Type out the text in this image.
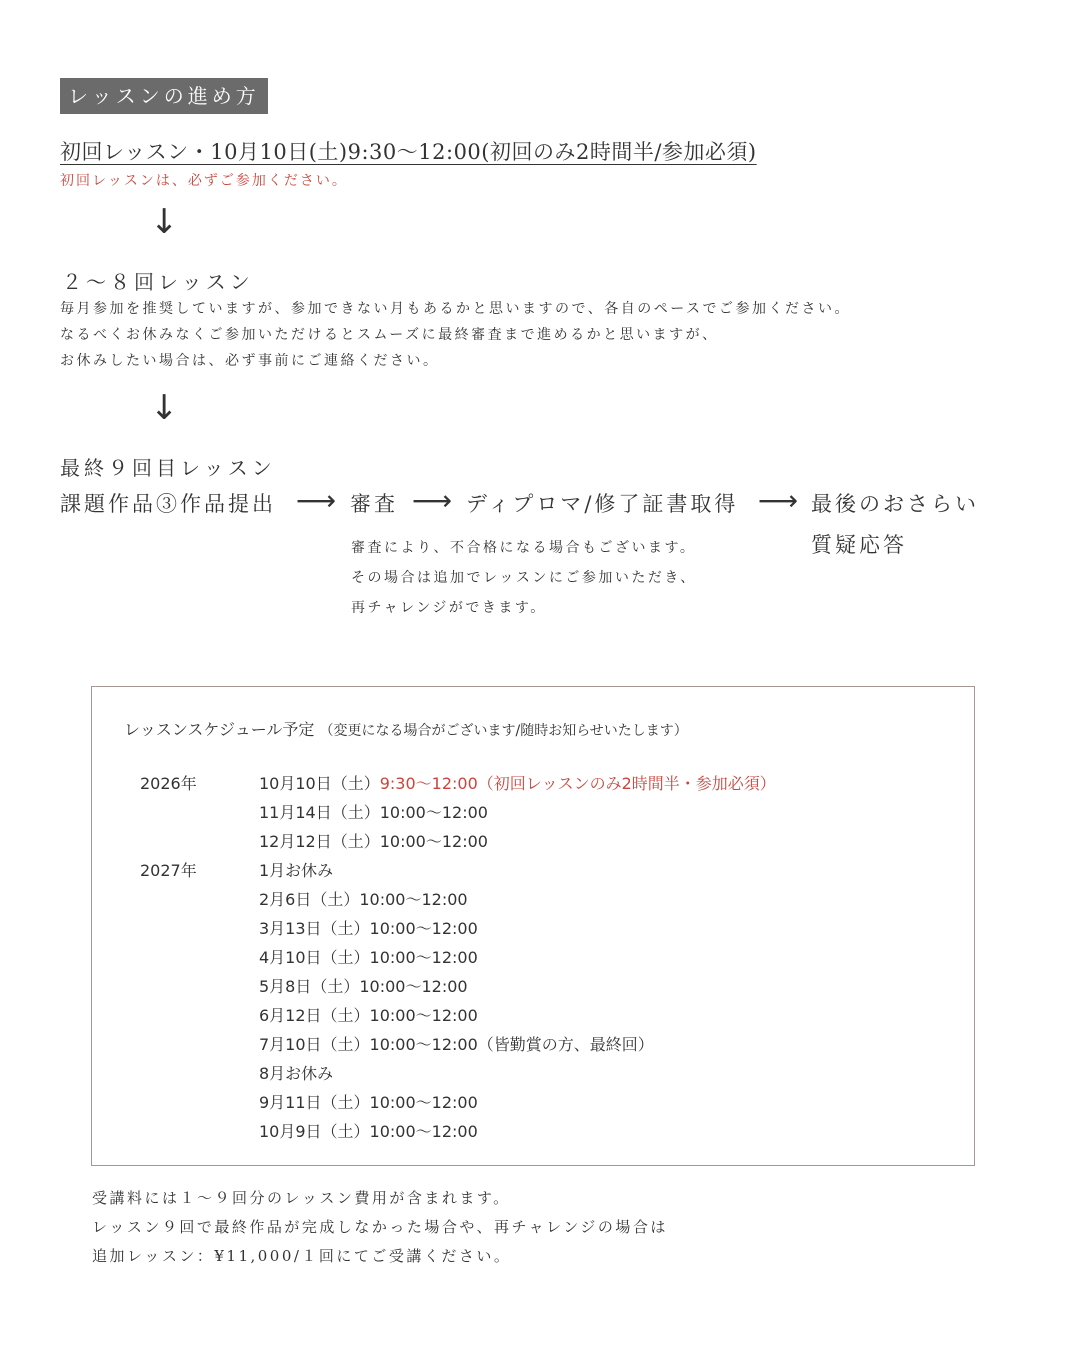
レッスンの進め方
初回レッスン・10月10日(土)9:30〜12:00(初回のみ2時間半/参加必須)
初回レッスンは、必ずご参加ください。
↓
２〜８回レッスン
毎月参加を推奨していますが、参加できない月もあるかと思いますので、各自のペースでご参加ください。
なるべくお休みなくご参加いただけるとスムーズに最終審査まで進めるかと思いますが、
お休みしたい場合は、必ず事前にご連絡ください。
↓
最終９回目レッスン
課題作品③作品提出 ⟶ 審査 ⟶ ディプロマ/修了証書取得 ⟶ 最後のおさらい
質疑応答
審査により、不合格になる場合もございます。
その場合は追加でレッスンにご参加いただき、
再チャレンジができます。
レッスンスケジュール予定 （変更になる場合がございます/随時お知らせいたします）
2026年
2027年
10月10日（土）9:30〜12:00（初回レッスンのみ2時間半・参加必須）
11月14日（土）10:00〜12:00
12月12日（土）10:00〜12:00
1月お休み
2月6日（土）10:00〜12:00
3月13日（土）10:00〜12:00
4月10日（土）10:00〜12:00
5月8日（土）10:00〜12:00
6月12日（土）10:00〜12:00
7月10日（土）10:00〜12:00（皆勤賞の方、最終回）
8月お休み
9月11日（土）10:00〜12:00
10月9日（土）10:00〜12:00
受講料には１〜９回分のレッスン費用が含まれます。
レッスン９回で最終作品が完成しなかった場合や、再チャレンジの場合は
追加レッスン：¥11,000/１回にてご受講ください。
